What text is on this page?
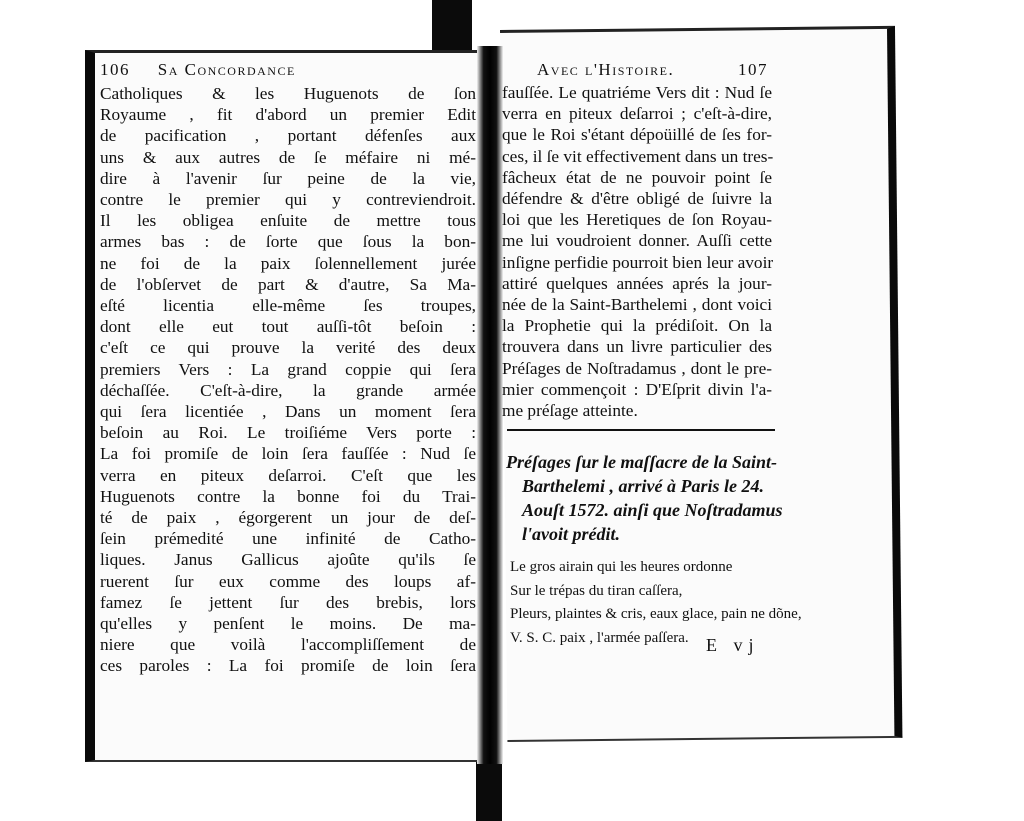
106 Sa Concordance	Avec l'Histoire.	107
Catholiques & les Huguenots de ſon
Royaume , fit d'abord un premier Edit
de pacification , portant défenſes aux
uns & aux autres de ſe méfaire ni mé-
dire à l'avenir ſur peine de la vie,
contre le premier qui y contreviendroit.
Il les obligea enſuite de mettre tous
armes bas : de ſorte que ſous la bon-
ne foi de la paix ſolennellement jurée
de l'obſervet de part & d'autre, Sa Ma-
eſté licentia elle-même ſes troupes,
dont elle eut tout auſſi-tôt beſoin :
c'eſt ce qui prouve la verité des deux
premiers Vers : La grand coppie qui ſera
déchaſſée. C'eſt-à-dire, la grande armée
qui ſera licentiée , Dans un moment ſera
beſoin au Roi. Le troiſiéme Vers porte :
La foi promiſe de loin ſera fauſſée : Nud ſe
verra en piteux deſarroi. C'eſt que les
Huguenots contre la bonne foi du Trai-
té de paix , égorgerent un jour de deſ-
ſein prémedité une infinité de Catho-
liques. Janus Gallicus ajoûte qu'ils ſe
ruerent ſur eux comme des loups af-
famez ſe jettent ſur des brebis, lors
qu'elles y penſent le moins. De ma-
niere que voilà l'accompliſſement de
ces paroles : La foi promiſe de loin ſera
fauſſée. Le quatriéme Vers dit : Nud ſe
verra en piteux deſarroi ; c'eſt-à-dire,
que le Roi s'étant dépoüillé de ſes for-
ces, il ſe vit effectivement dans un tres-
fâcheux état de ne pouvoir point ſe
défendre & d'être obligé de ſuivre la
loi que les Heretiques de ſon Royau-
me lui voudroient donner. Auſſi cette
inſigne perfidie pourroit bien leur avoir
attiré quelques années aprés la jour-
née de la Saint-Barthelemi , dont voici
la Prophetie qui la prédiſoit. On la
trouvera dans un livre particulier des
Préſages de Noſtradamus , dont le pre-
mier commençoit : D'Eſprit divin l'a-
me préſage atteinte.
Préſages ſur le maſſacre de la Saint-
Barthelemi , arrivé à Paris le 24.
Aouſt 1572. ainſi que Noſtradamus
l'avoit prédit.
Le gros airain qui les heures ordonne
Sur le trépas du tiran caſſera,
Pleurs, plaintes & cris, eaux glace, pain ne dõne,
V. S. C. paix , l'armée paſſera. E vj
